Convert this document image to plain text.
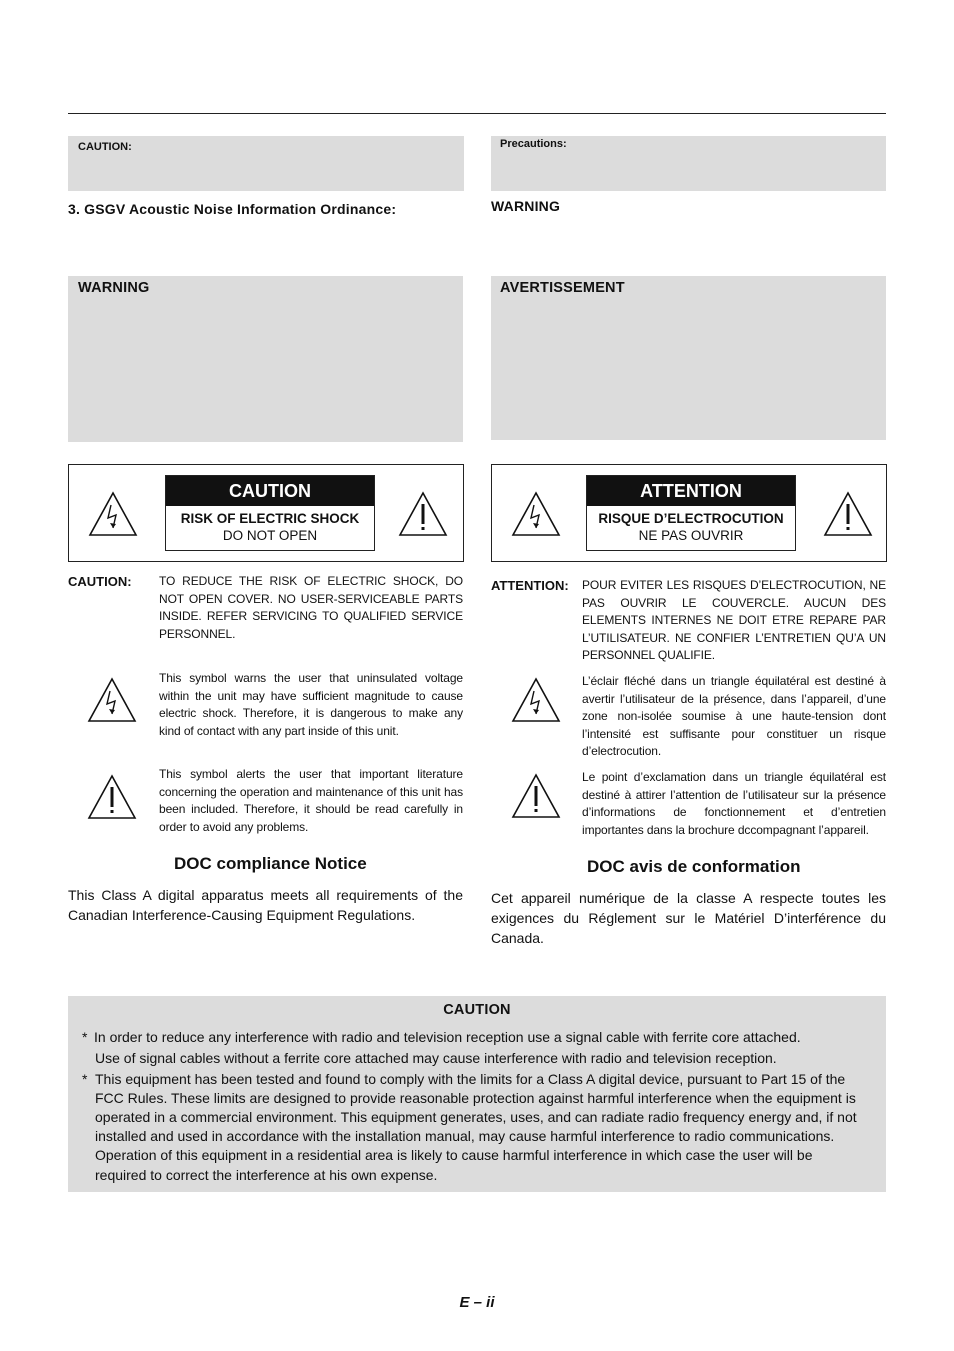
CAUTION:	Precautions:
3. GSGV Acoustic Noise Information Ordinance:	WARNING
WARNING	AVERTISSEMENT
CAUTION
RISK OF ELECTRIC SHOCK
DO NOT OPEN
ATTENTION
RISQUE D’ELECTROCUTION
NE PAS OUVRIR
CAUTION: TO REDUCE THE RISK OF ELECTRIC SHOCK, DO NOT OPEN COVER. NO USER-SERVICEABLE PARTS INSIDE. REFER SERVICING TO QUALIFIED SERVICE PERSONNEL.
This symbol warns the user that uninsulated voltage within the unit may have sufficient magnitude to cause electric shock. Therefore, it is dangerous to make any kind of contact with any part inside of this unit.
This symbol alerts the user that important literature concerning the operation and maintenance of this unit has been included. Therefore, it should be read carefully in order to avoid any problems.
DOC compliance Notice
This Class A digital apparatus meets all requirements of the Canadian Interference-Causing Equipment Regulations.
ATTENTION: POUR EVITER LES RISQUES D’ELECTROCUTION, NE PAS OUVRIR LE COUVERCLE. AUCUN DES ELEMENTS INTERNES NE DOIT ETRE REPARE PAR L’UTILISATEUR. NE CONFIER L’ENTRETIEN QU’A UN PERSONNEL QUALIFIE.
L’éclair fléché dans un triangle équilatéral est destiné à avertir l’utilisateur de la présence, dans l’appareil, d’une zone non-isolée soumise à une haute-tension dont l’intensité est suffisante pour constituer un risque d’electrocution.
Le point d’exclamation dans un triangle équilatéral est destiné à attirer l’attention de l’utilisateur sur la présence d’informations de fonctionnement et d’entretien importantes dans la brochure dccompagnant l’appareil.
DOC avis de conformation
Cet appareil numérique de la classe A respecte toutes les exigences du Réglement sur le Matériel D’interférence du Canada.
CAUTION
* In order to reduce any interference with radio and television reception use a signal cable with ferrite core attached.
Use of signal cables without a ferrite core attached may cause interference with radio and television reception.
* This equipment has been tested and found to comply with the limits for a Class A digital device, pursuant to Part 15 of the
FCC Rules. These limits are designed to provide reasonable protection against harmful interference when the equipment is
operated in a commercial environment. This equipment generates, uses, and can radiate radio frequency energy and, if not
installed and used in accordance with the installation manual, may cause harmful interference to radio communications.
Operation of this equipment in a residential area is likely to cause harmful interference in which case the user will be
required to correct the interference at his own expense.
E – ii
